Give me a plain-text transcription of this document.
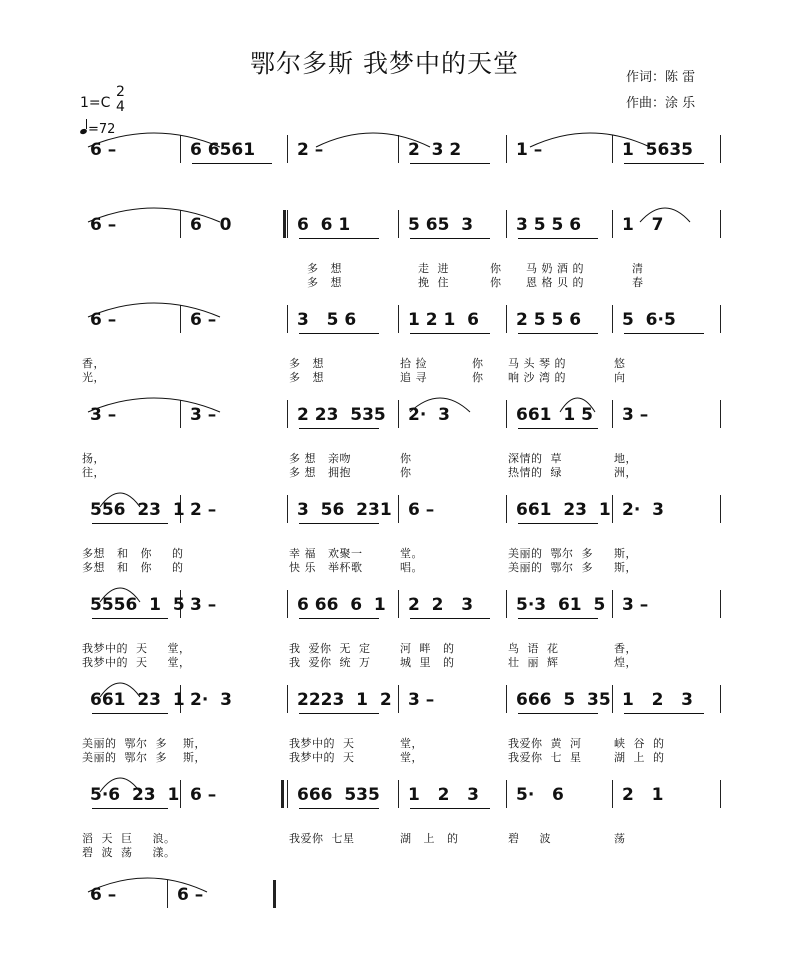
鄂尔多斯 我梦中的天堂	作词：陈 雷
作曲：涂 乐
1=C
2
4
=72
6 –	6 6561 2 –	2  3 2	1 –	1  5635
6 –	6   0	6  6 1	5 65  3	3 5 5 6 1   7
多   想	走  进	你 马 奶 酒 的	清
多   想	挽  住	你 恩 格 贝 的	春
6 –	6 –	3   5 6	1 2 1  6 2 5 5 6 5  6·5
香，	多   想	拾 捡	你 马 头 琴 的	悠
光，	多   想	追 寻	你 响 沙 湾 的	向
3 –	3 –	2 23  535 2·  3	661  1 5 3 –
扬，	多 想   亲吻	你	深情的  草	地，
往，	多 想   拥抱	你	热情的  绿	洲，
556  23  1 2 –	3  56  231 6 –	661  23  1 2·  3
多想   和   你     的	幸 福   欢聚一	堂。	美丽的  鄂尔  多 斯，
多想   和   你     的	快 乐   举杯歌	唱。	美丽的  鄂尔  多 斯，
5556  1  5 3 –	6 66  6  1 2  2   3	5·3  61  5 3 –
我梦中的  天     堂，	我  爱你  无  定	河  畔   的	鸟  语  花	香，
我梦中的  天     堂，	我  爱你  统  万	城  里   的	壮  丽  辉	煌，
661  23  1 2·  3	2223  1  2 3 –	666  5  35 1   2   3
美丽的  鄂尔  多    斯，	我梦中的  天	堂，	我爱你  黄  河	峡  谷  的
美丽的  鄂尔  多    斯，	我梦中的  天	堂，	我爱你  七  星	湖  上  的
5·6  23  1 6 –	666  535 1   2   3 5·   6	2   1
滔  天  巨     浪。	我爱你  七星	湖   上   的	碧     波	荡
碧  波  荡     漾。
6 –	6 –
